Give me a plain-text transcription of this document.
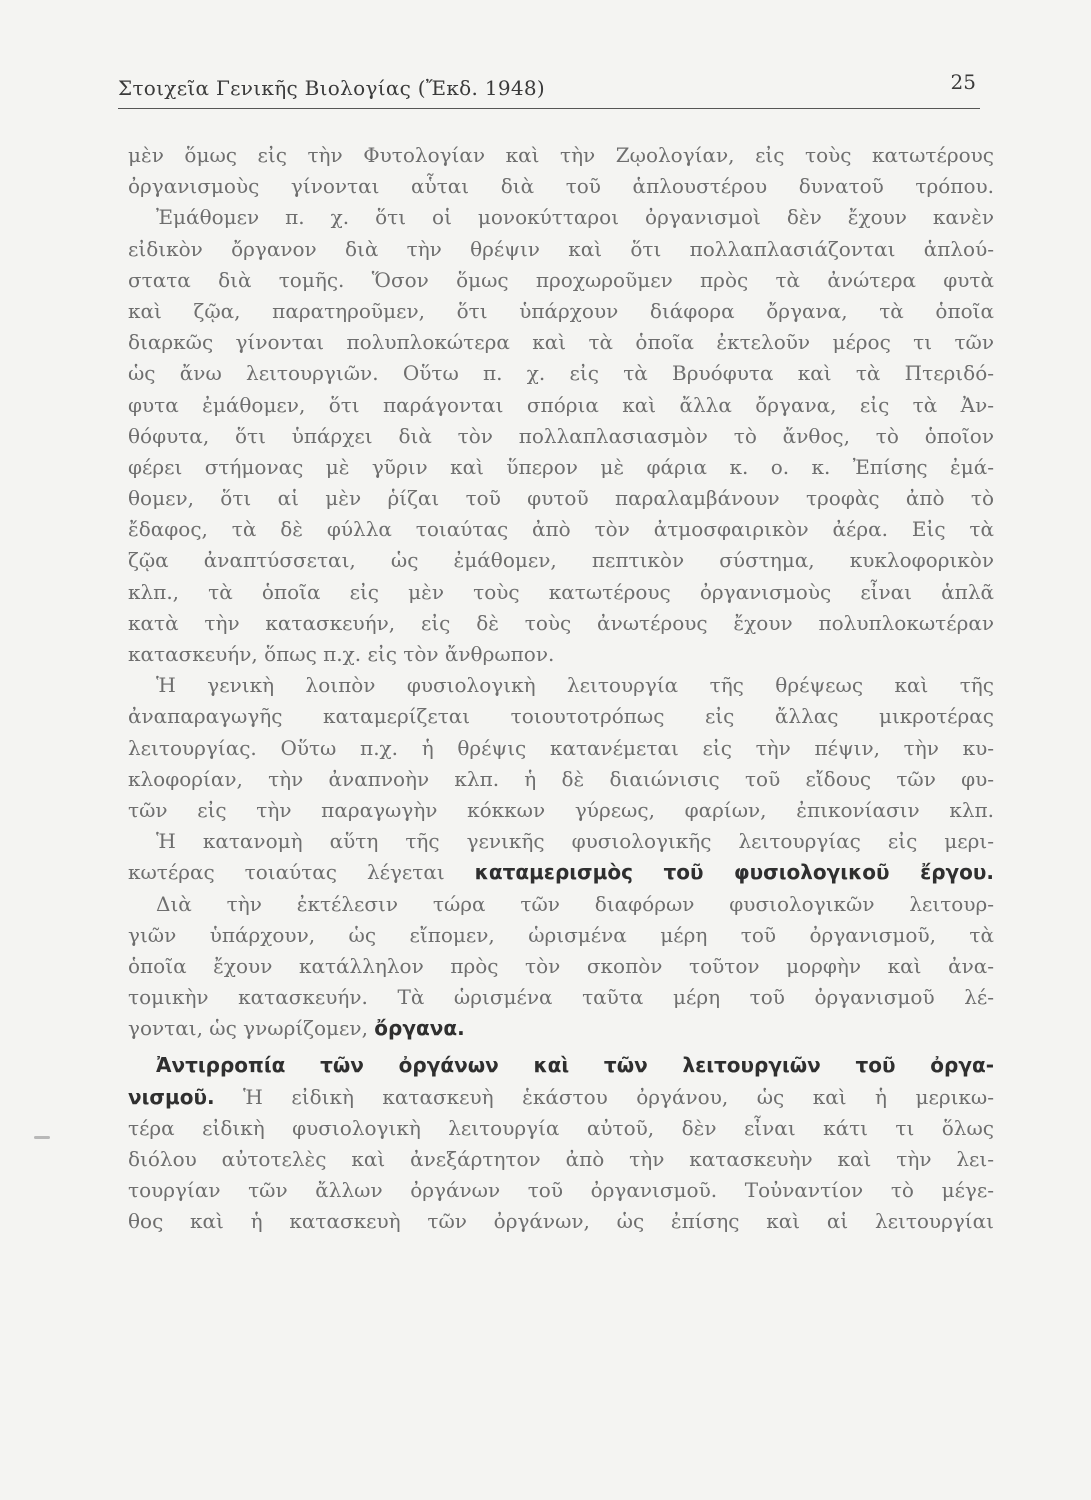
Στοιχεῖα Γενικῆς Βιολογίας (Ἔκδ. 1948)	25
μὲν ὅμως εἰς τὴν Φυτολογίαν καὶ τὴν Ζῳολογίαν, εἰς τοὺς κατωτέρους
ὀργανισμοὺς γίνονται αὗται διὰ τοῦ ἁπλουστέρου δυνατοῦ τρόπου.
Ἐμάθομεν π. χ. ὅτι οἱ μονοκύτταροι ὀργανισμοὶ δὲν ἔχουν κανὲν
εἰδικὸν ὄργανον διὰ τὴν θρέψιν καὶ ὅτι πολλαπλασιάζονται ἁπλού-
στατα διὰ τομῆς. Ὅσον ὅμως προχωροῦμεν πρὸς τὰ ἀνώτερα φυτὰ
καὶ ζῷα, παρατηροῦμεν, ὅτι ὑπάρχουν διάφορα ὄργανα, τὰ ὁποῖα
διαρκῶς γίνονται πολυπλοκώτερα καὶ τὰ ὁποῖα ἐκτελοῦν μέρος τι τῶν
ὡς ἄνω λειτουργιῶν. Οὕτω π. χ. εἰς τὰ Βρυόφυτα καὶ τὰ Πτεριδό-
φυτα ἐμάθομεν, ὅτι παράγονται σπόρια καὶ ἄλλα ὄργανα, εἰς τὰ Ἀν-
θόφυτα, ὅτι ὑπάρχει διὰ τὸν πολλαπλασιασμὸν τὸ ἄνθος, τὸ ὁποῖον
φέρει στήμονας μὲ γῦριν καὶ ὕπερον μὲ φάρια κ. ο. κ. Ἐπίσης ἐμά-
θομεν, ὅτι αἱ μὲν ῥίζαι τοῦ φυτοῦ παραλαμβάνουν τροφὰς ἀπὸ τὸ
ἔδαφος, τὰ δὲ φύλλα τοιαύτας ἀπὸ τὸν ἀτμοσφαιρικὸν ἀέρα. Εἰς τὰ
ζῷα ἀναπτύσσεται, ὡς ἐμάθομεν, πεπτικὸν σύστημα, κυκλοφορικὸν
κλπ., τὰ ὁποῖα εἰς μὲν τοὺς κατωτέρους ὀργανισμοὺς εἶναι ἁπλᾶ
κατὰ τὴν κατασκευήν, εἰς δὲ τοὺς ἀνωτέρους ἔχουν πολυπλοκωτέραν
κατασκευήν, ὅπως π.χ. εἰς τὸν ἄνθρωπον.
Ἡ γενικὴ λοιπὸν φυσιολογικὴ λειτουργία τῆς θρέψεως καὶ τῆς
ἀναπαραγωγῆς καταμερίζεται τοιουτοτρόπως εἰς ἄλλας μικροτέρας
λειτουργίας. Οὕτω π.χ. ἡ θρέψις κατανέμεται εἰς τὴν πέψιν, τὴν κυ-
κλοφορίαν, τὴν ἀναπνοὴν κλπ. ἡ δὲ διαιώνισις τοῦ εἴδους τῶν φυ-
τῶν εἰς τὴν παραγωγὴν κόκκων γύρεως, φαρίων, ἐπικονίασιν κλπ.
Ἡ κατανομὴ αὕτη τῆς γενικῆς φυσιολογικῆς λειτουργίας εἰς μερι-
κωτέρας τοιαύτας λέγεται καταμερισμὸς τοῦ φυσιολογικοῦ ἔργου.
Διὰ τὴν ἐκτέλεσιν τώρα τῶν διαφόρων φυσιολογικῶν λειτουρ-
γιῶν ὑπάρχουν, ὡς εἴπομεν, ὡρισμένα μέρη τοῦ ὀργανισμοῦ, τὰ
ὁποῖα ἔχουν κατάλληλον πρὸς τὸν σκοπὸν τοῦτον μορφὴν καὶ ἀνα-
τομικὴν κατασκευήν. Τὰ ὡρισμένα ταῦτα μέρη τοῦ ὀργανισμοῦ λέ-
γονται, ὡς γνωρίζομεν, ὄργανα.
Ἀντιρροπία τῶν ὀργάνων καὶ τῶν λειτουργιῶν τοῦ ὀργα-
νισμοῦ. Ἡ εἰδικὴ κατασκευὴ ἑκάστου ὀργάνου, ὡς καὶ ἡ μερικω-
τέρα εἰδικὴ φυσιολογικὴ λειτουργία αὐτοῦ, δὲν εἶναι κάτι τι ὅλως
διόλου αὐτοτελὲς καὶ ἀνεξάρτητον ἀπὸ τὴν κατασκευὴν καὶ τὴν λει-
τουργίαν τῶν ἄλλων ὀργάνων τοῦ ὀργανισμοῦ. Τοὐναντίον τὸ μέγε-
θος καὶ ἡ κατασκευὴ τῶν ὀργάνων, ὡς ἐπίσης καὶ αἱ λειτουργίαι
